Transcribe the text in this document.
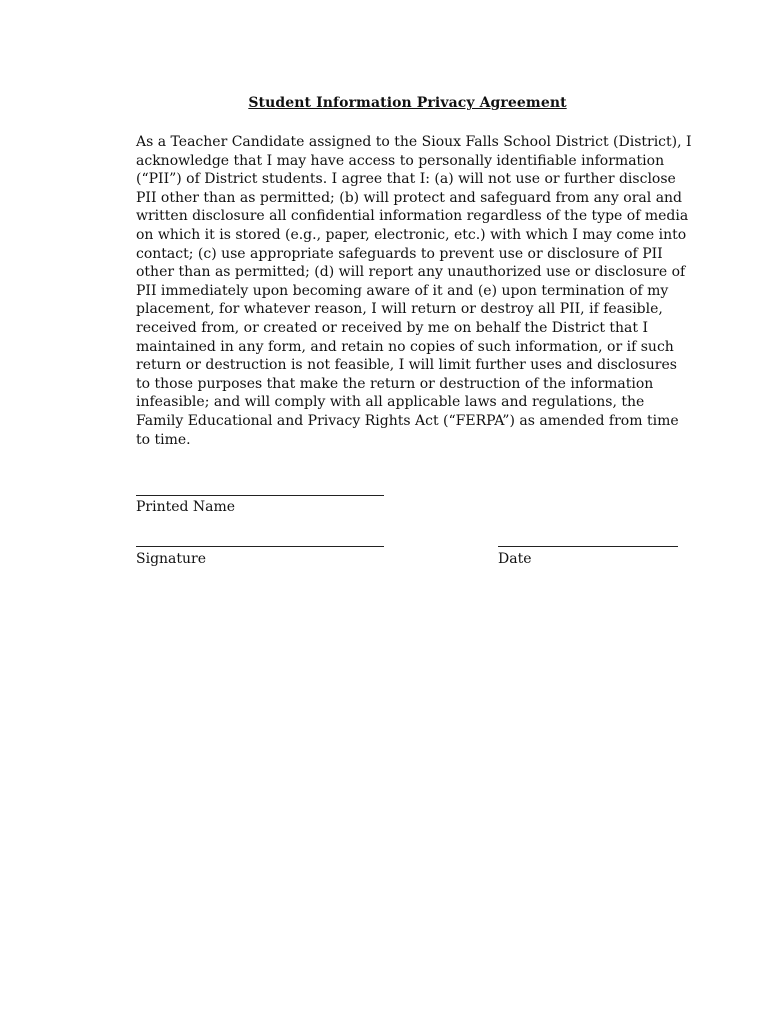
Student Information Privacy Agreement
As a Teacher Candidate assigned to the Sioux Falls School District (District), I
acknowledge that I may have access to personally identifiable information
(“PII”) of District students. I agree that I: (a) will not use or further disclose
PII other than as permitted; (b) will protect and safeguard from any oral and
written disclosure all confidential information regardless of the type of media
on which it is stored (e.g., paper, electronic, etc.) with which I may come into
contact; (c) use appropriate safeguards to prevent use or disclosure of PII
other than as permitted; (d) will report any unauthorized use or disclosure of
PII immediately upon becoming aware of it and (e) upon termination of my
placement, for whatever reason, I will return or destroy all PII, if feasible,
received from, or created or received by me on behalf the District that I
maintained in any form, and retain no copies of such information, or if such
return or destruction is not feasible, I will limit further uses and disclosures
to those purposes that make the return or destruction of the information
infeasible; and will comply with all applicable laws and regulations, the
Family Educational and Privacy Rights Act (“FERPA”) as amended from time
to time.
Printed Name
Signature	Date
